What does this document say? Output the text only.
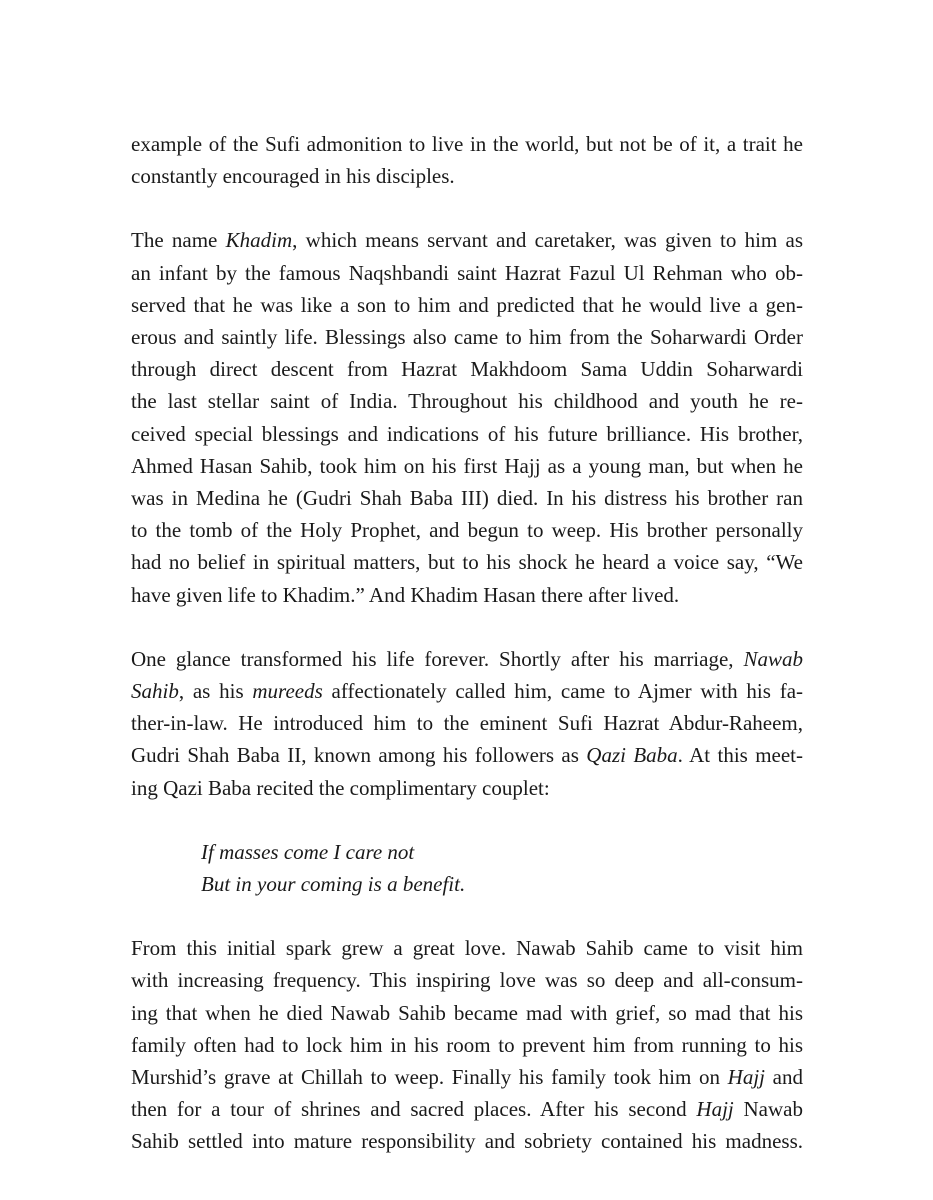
example of the Sufi admonition to live in the world, but not be of it, a trait he
constantly encouraged in his disciples.

The name Khadim, which means servant and caretaker, was given to him as
an infant by the famous Naqshbandi saint Hazrat Fazul Ul Rehman who ob-
served that he was like a son to him and predicted that he would live a gen-
erous and saintly life. Blessings also came to him from the Soharwardi Order
through direct descent from Hazrat Makhdoom Sama Uddin Soharwardi
the last stellar saint of India. Throughout his childhood and youth he re-
ceived special blessings and indications of his future brilliance. His brother,
Ahmed Hasan Sahib, took him on his first Hajj as a young man, but when he
was in Medina he (Gudri Shah Baba III) died. In his distress his brother ran
to the tomb of the Holy Prophet, and begun to weep. His brother personally
had no belief in spiritual matters, but to his shock he heard a voice say, “We
have given life to Khadim.” And Khadim Hasan there after lived.

One glance transformed his life forever. Shortly after his marriage, Nawab
Sahib, as his mureeds affectionately called him, came to Ajmer with his fa-
ther-in-law. He introduced him to the eminent Sufi Hazrat Abdur-Raheem,
Gudri Shah Baba II, known among his followers as Qazi Baba. At this meet-
ing Qazi Baba recited the complimentary couplet:

If masses come I care not
But in your coming is a benefit.

From this initial spark grew a great love. Nawab Sahib came to visit him
with increasing frequency. This inspiring love was so deep and all-consum-
ing that when he died Nawab Sahib became mad with grief, so mad that his
family often had to lock him in his room to prevent him from running to his
Murshid’s grave at Chillah to weep. Finally his family took him on Hajj and
then for a tour of shrines and sacred places. After his second Hajj Nawab
Sahib settled into mature responsibility and sobriety contained his madness.
